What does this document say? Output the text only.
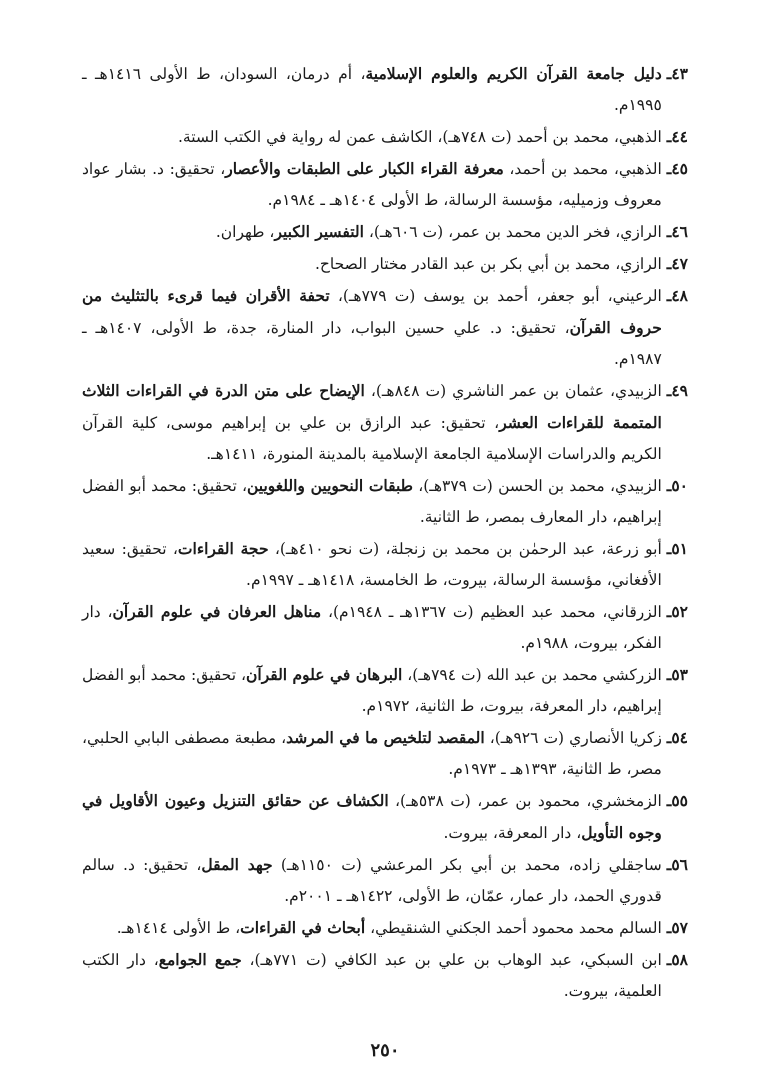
٤٣ـ
دليل جامعة القرآن الكريم والعلوم الإسلامية، أم درمان، السودان، ط الأولى ١٤١٦هـ ـ ١٩٩٥م.

٤٤ـ
الذهبي، محمد بن أحمد (ت ٧٤٨هـ)، الكاشف عمن له رواية في الكتب الستة.

٤٥ـ
الذهبي، محمد بن أحمد، معرفة القراء الكبار على الطبقات والأعصار، تحقيق: د. بشار عواد معروف وزميليه، مؤسسة الرسالة، ط الأولى ١٤٠٤هـ ـ ١٩٨٤م.

٤٦ـ
الرازي، فخر الدين محمد بن عمر، (ت ٦٠٦هـ)، التفسير الكبير، طهران.

٤٧ـ
الرازي، محمد بن أبي بكر بن عبد القادر مختار الصحاح.

٤٨ـ
الرعيني، أبو جعفر، أحمد بن يوسف (ت ٧٧٩هـ)، تحفة الأقران فيما قرىء بالتثليث من حروف القرآن، تحقيق: د. علي حسين البواب، دار المنارة، جدة، ط الأولى، ١٤٠٧هـ ـ ١٩٨٧م.

٤٩ـ
الزبيدي، عثمان بن عمر الناشري (ت ٨٤٨هـ)، الإيضاح على متن الدرة في القراءات الثلاث المتممة للقراءات العشر، تحقيق: عبد الرازق بن علي بن إبراهيم موسى، كلية القرآن الكريم والدراسات الإسلامية الجامعة الإسلامية بالمدينة المنورة، ١٤١١هـ.

٥٠ـ
الزبيدي، محمد بن الحسن (ت ٣٧٩هـ)، طبقات النحويين واللغويين، تحقيق: محمد أبو الفضل إبراهيم، دار المعارف بمصر، ط الثانية.

٥١ـ
أبو زرعة، عبد الرحمٰن بن محمد بن زنجلة، (ت نحو ٤١٠هـ)، حجة القراءات، تحقيق: سعيد الأفغاني، مؤسسة الرسالة، بيروت، ط الخامسة، ١٤١٨هـ ـ ١٩٩٧م.

٥٢ـ
الزرقاني، محمد عبد العظيم (ت ١٣٦٧هـ ـ ١٩٤٨م)، مناهل العرفان في علوم القرآن، دار الفكر، بيروت، ١٩٨٨م.

٥٣ـ
الزركشي محمد بن عبد الله (ت ٧٩٤هـ)، البرهان في علوم القرآن، تحقيق: محمد أبو الفضل إبراهيم، دار المعرفة، بيروت، ط الثانية، ١٩٧٢م.

٥٤ـ
زكريا الأنصاري (ت ٩٢٦هـ)، المقصد لتلخيص ما في المرشد، مطبعة مصطفى البابي الحلبي، مصر، ط الثانية، ١٣٩٣هـ ـ ١٩٧٣م.

٥٥ـ
الزمخشري، محمود بن عمر، (ت ٥٣٨هـ)، الكشاف عن حقائق التنزيل وعيون الأقاويل في وجوه التأويل، دار المعرفة، بيروت.

٥٦ـ
ساجقلي زاده، محمد بن أبي بكر المرعشي (ت ١١٥٠هـ) جهد المقل، تحقيق: د. سالم قدوري الحمد، دار عمار، عمّان، ط الأولى، ١٤٢٢هـ ـ ٢٠٠١م.

٥٧ـ
السالم محمد محمود أحمد الجكني الشنقيطي، أبحاث في القراءات، ط الأولى ١٤١٤هـ.

٥٨ـ
ابن السبكي، عبد الوهاب بن علي بن عبد الكافي (ت ٧٧١هـ)، جمع الجوامع، دار الكتب العلمية، بيروت.

٢٥٠
